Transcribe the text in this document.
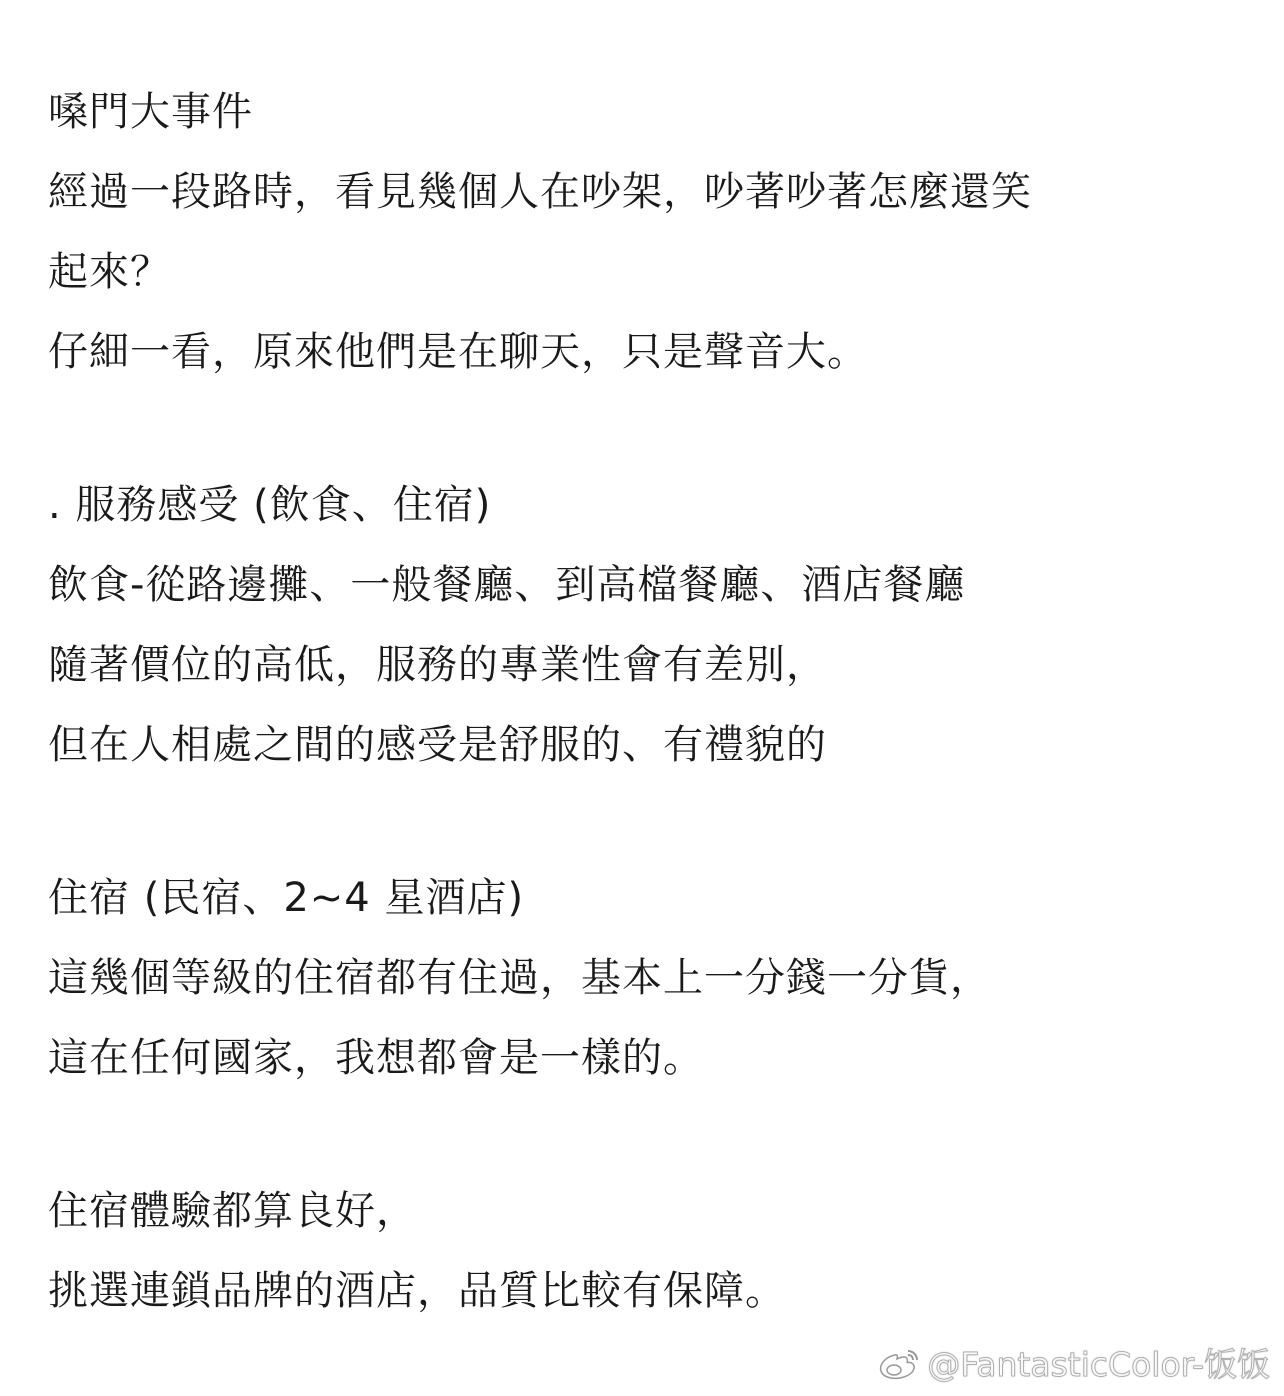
嗓門大事件
經過一段路時，看見幾個人在吵架，吵著吵著怎麼還笑
起來？
仔細一看，原來他們是在聊天，只是聲音大。
. 服務感受 (飲食、住宿)
飲食-從路邊攤、一般餐廳、到高檔餐廳、酒店餐廳
隨著價位的高低，服務的專業性會有差別，
但在人相處之間的感受是舒服的、有禮貌的
住宿 (民宿、2~4 星酒店)
這幾個等級的住宿都有住過，基本上一分錢一分貨，
這在任何國家，我想都會是一樣的。
住宿體驗都算良好，
挑選連鎖品牌的酒店，品質比較有保障。
@FantasticColor-饭饭
